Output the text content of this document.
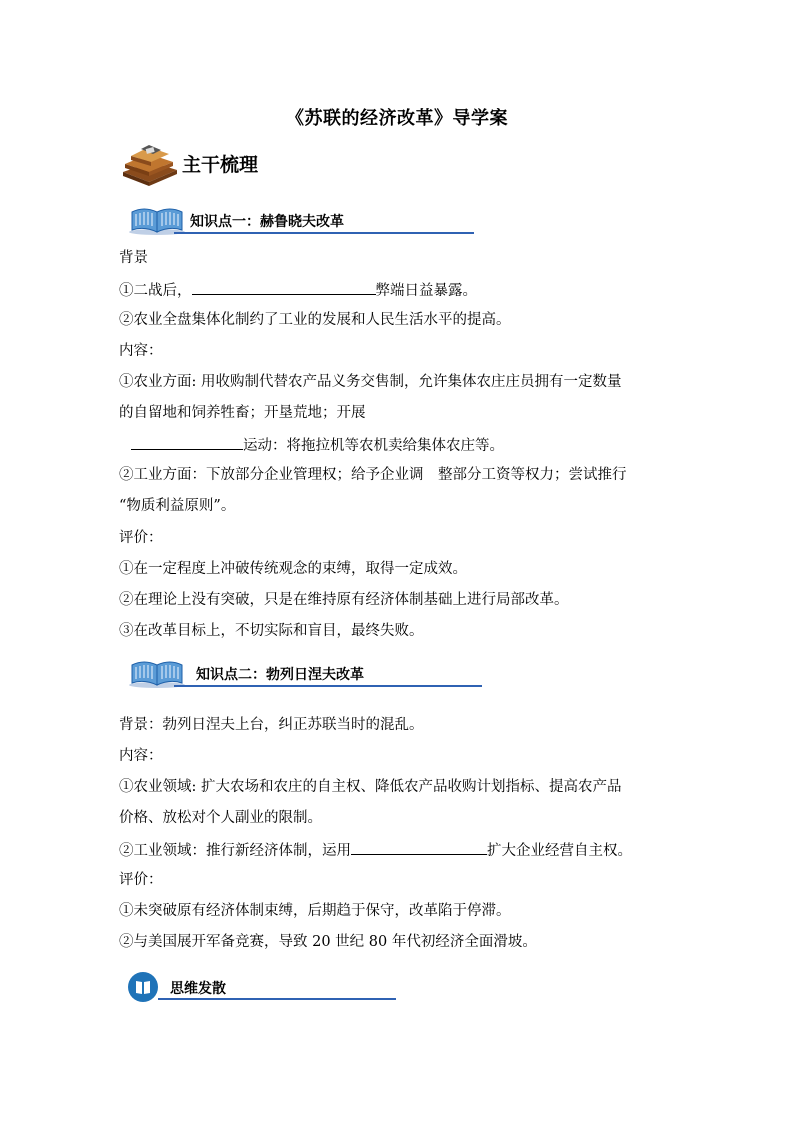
《苏联的经济改革》导学案
主干梳理
知识点一：赫鲁晓夫改革
背景
①二战后，	弊端日益暴露。
②农业全盘集体化制约了工业的发展和人民生活水平的提高。
内容：
①农业方面: 用收购制代替农产品义务交售制，允许集体农庄庄员拥有一定数量
的自留地和饲养牲畜；开垦荒地；开展
运动：将拖拉机等农机卖给集体农庄等。
②工业方面：下放部分企业管理权；给予企业调　整部分工资等权力；尝试推行
“物质利益原则”。
评价：
①在一定程度上冲破传统观念的束缚，取得一定成效。
②在理论上没有突破，只是在维持原有经济体制基础上进行局部改革。
③在改革目标上，不切实际和盲目，最终失败。
知识点二：勃列日涅夫改革
背景：勃列日涅夫上台，纠正苏联当时的混乱。
内容：
①农业领域: 扩大农场和农庄的自主权、降低农产品收购计划指标、提高农产品
价格、放松对个人副业的限制。
②工业领域：推行新经济体制，运用	扩大企业经营自主权。
评价：
①未突破原有经济体制束缚，后期趋于保守，改革陷于停滞。
②与美国展开军备竞赛，导致 20 世纪 80 年代初经济全面滑坡。
思维发散
